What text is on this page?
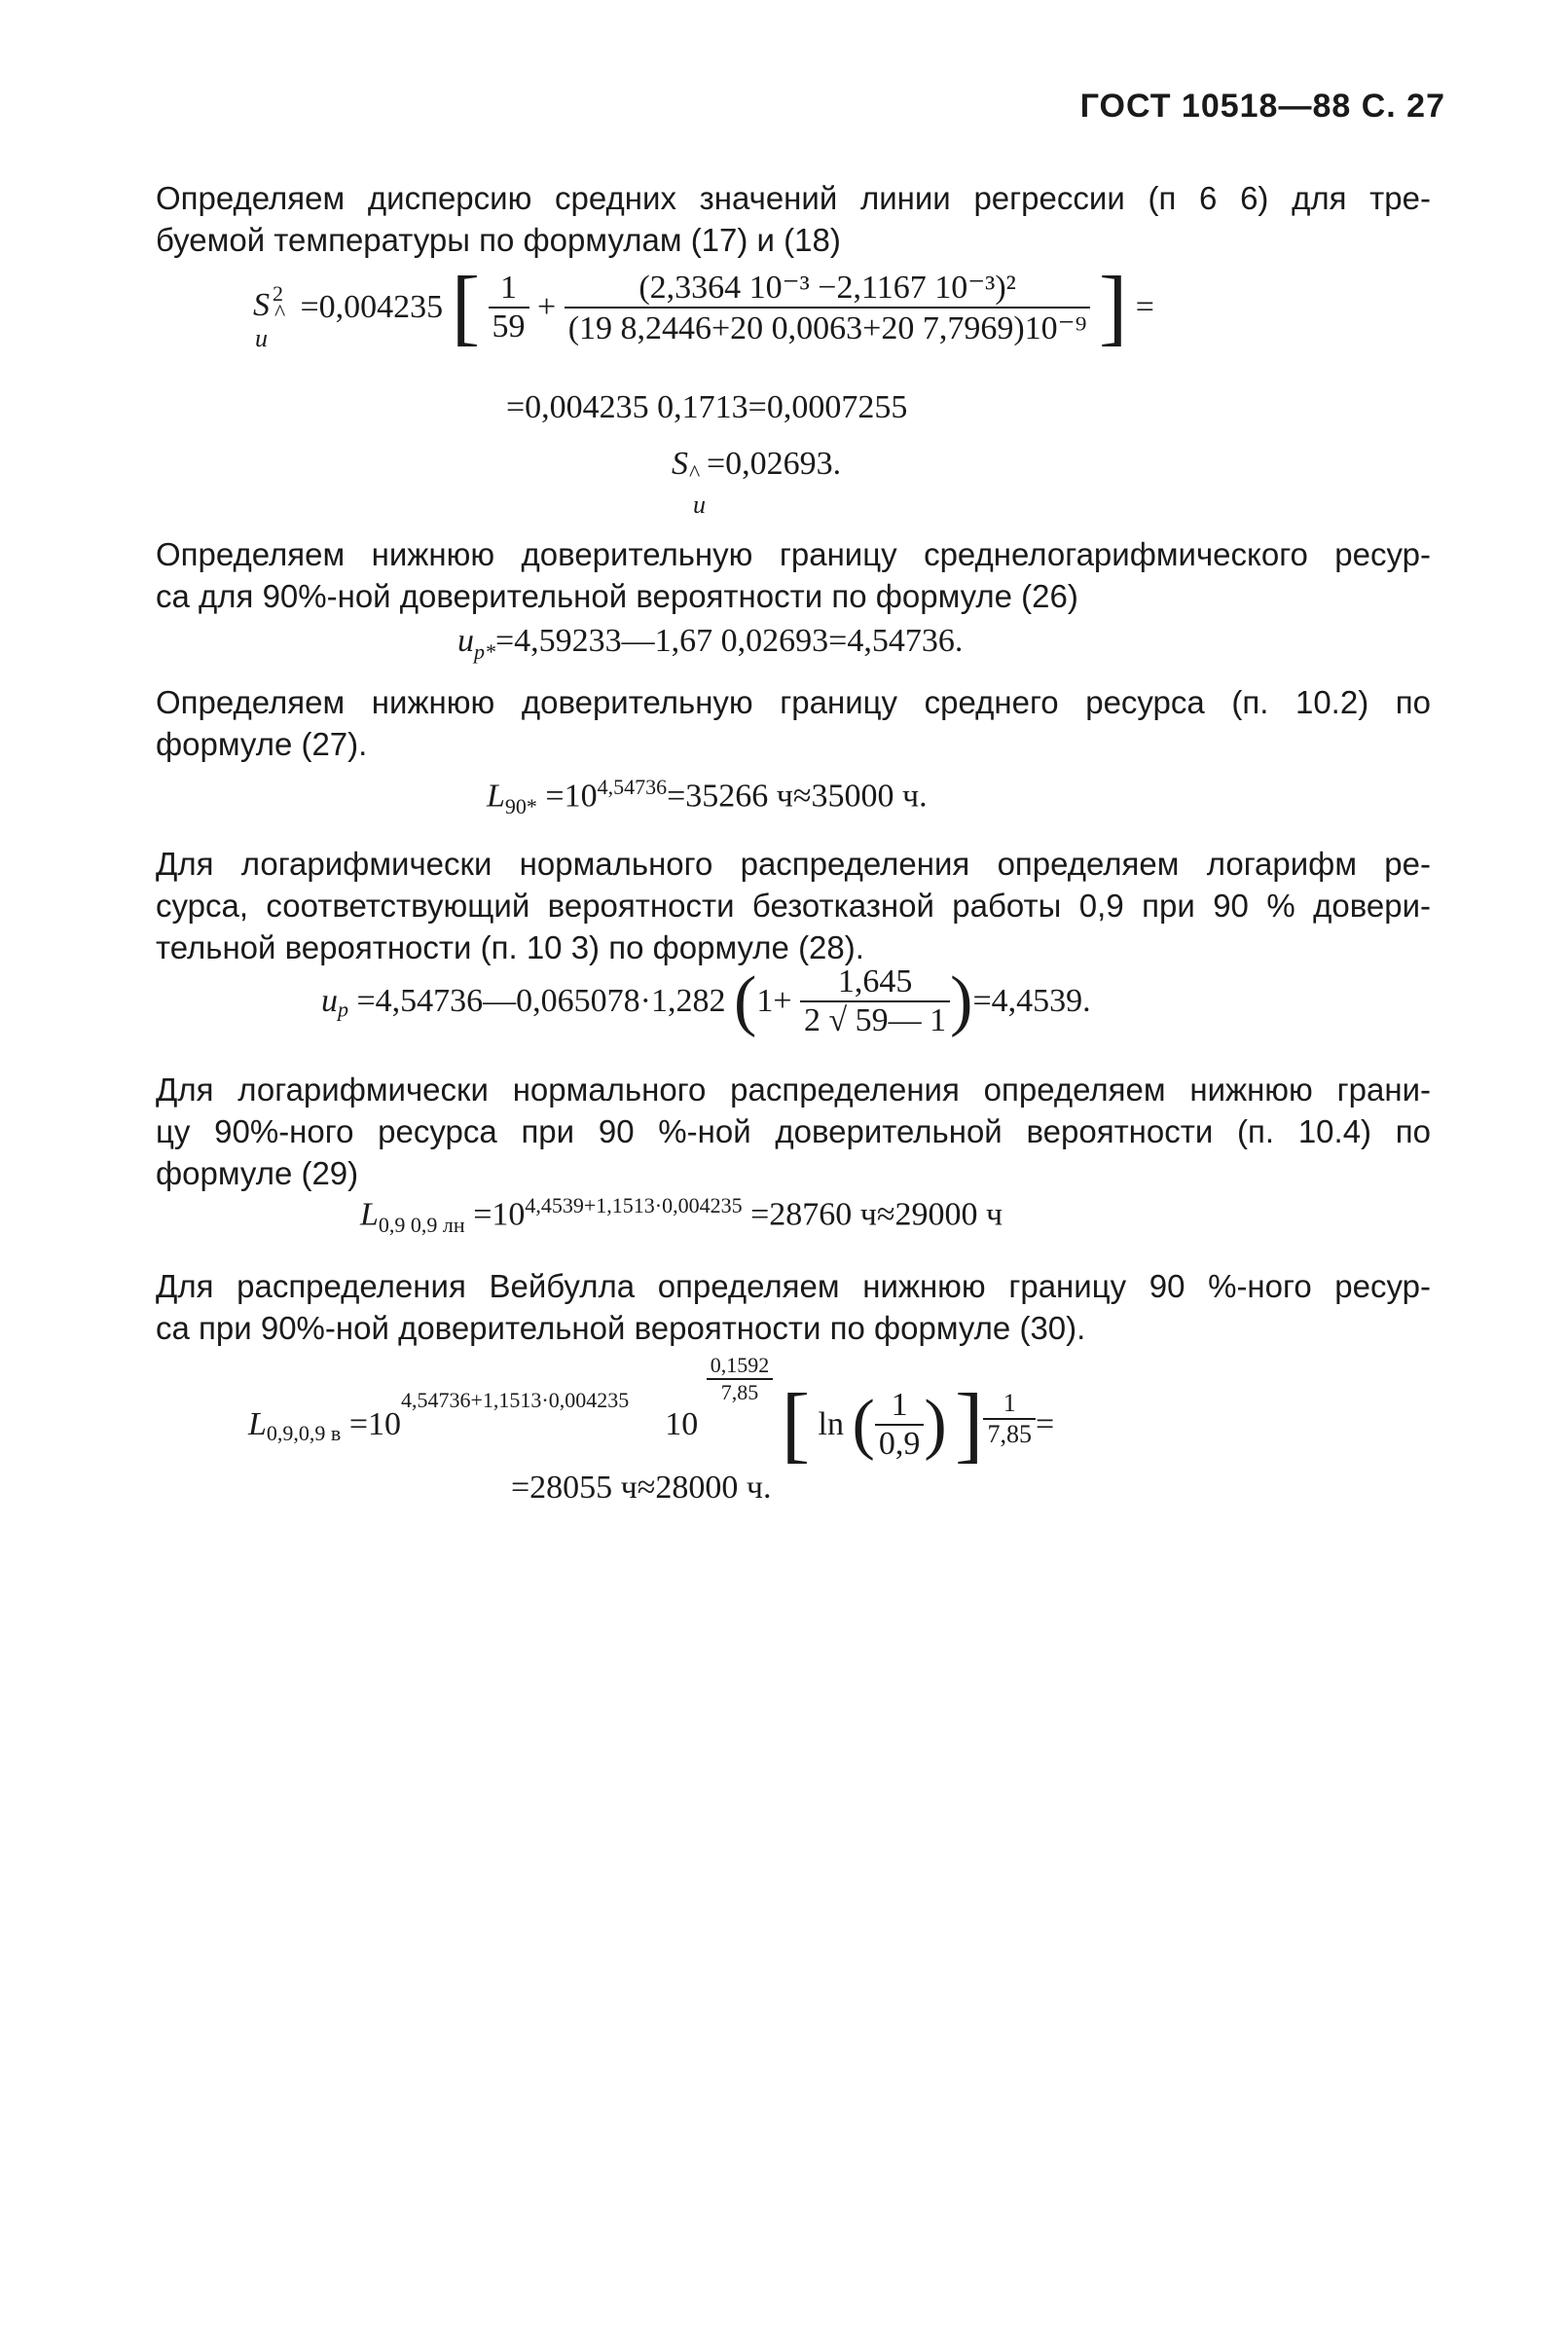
ГОСТ 10518—88 С. 27
Определяем дисперсию средних значений линии регрессии (п 6 6) для тре-
буемой температуры по формулам (17) и (18)
S 2
u
^ =0,004235 [ $\frac{1}{59} + \frac{\text{(2,3364 10⁻³ −2,1167 10⁻³)²}}{\text{(19 8,2446+20 0,0063+20 7,7969)10⁻⁹}}$ ] =
=0,004235 0,1713=0,0007255
S ^
u
=0,02693.
Определяем нижнюю доверительную границу среднелогарифмического ресур-
са для 90%-ной доверительной вероятности по формуле (26)
$u_{p*}=4,59233—1,67$ 0,02693=4,54736.
Определяем нижнюю доверительную границу среднего ресурса (п. 10.2) по
формуле (27).
$L_{90*} =10^{4,54736}=35266$ ч≈35000 ч.
Для логарифмически нормального распределения определяем логарифм ре-
сурса, соответствующий вероятности безотказной работы 0,9 при 90 % довери-
тельной вероятности (п. 10 3) по формуле (28).
$u_p$ =4,54736—0,065078·1,282 $(1+ \frac{1,645}{2 √ 59— 1} )=4,4539$.
Для логарифмически нормального распределения определяем нижнюю грани-
цу 90%-ного ресурса при 90 %-ной доверительной вероятности (п. 10.4) по
формуле (29)
$L_{0,9 0,9 лн} =10^{4,4539+1,1513\cdot 0,004235} =28760$ ч≈29000 ч
Для распределения Вейбулла определяем нижнюю границу 90 %-ного ресур-
са при 90%-ной доверительной вероятности по формуле (30).
$L_{0,9,0,9 в} =10^{4,54736+1,1513\cdot 0,004235}$  10
$\frac{0,1592}{7,85}$ [ ln ( $\frac{1}{0,9}$ ) ] $\frac{1}{7,85}$ =
=28055 ч≈28000 ч.
